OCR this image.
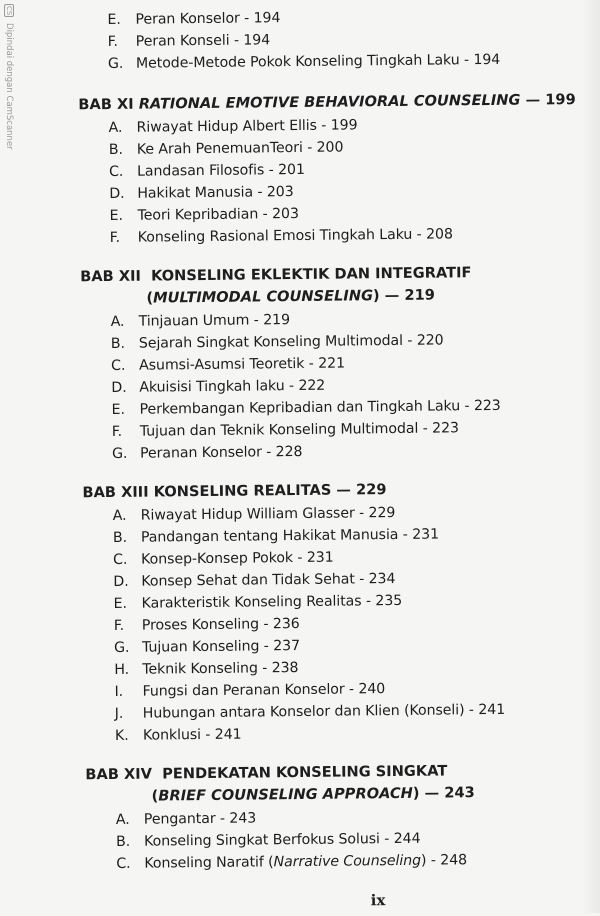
CS Dipindai dengan CamScanner
E. Peran Konselor - 194
F. Peran Konseli - 194
G. Metode-Metode Pokok Konseling Tingkah Laku - 194
BAB XI RATIONAL EMOTIVE BEHAVIORAL COUNSELING — 199
A. Riwayat Hidup Albert Ellis - 199
B. Ke Arah PenemuanTeori - 200
C. Landasan Filosofis - 201
D. Hakikat Manusia - 203
E. Teori Kepribadian - 203
F. Konseling Rasional Emosi Tingkah Laku - 208
BAB XII  KONSELING EKLEKTIK DAN INTEGRATIF
(MULTIMODAL COUNSELING) — 219
A. Tinjauan Umum - 219
B. Sejarah Singkat Konseling Multimodal - 220
C. Asumsi-Asumsi Teoretik - 221
D. Akuisisi Tingkah laku - 222
E. Perkembangan Kepribadian dan Tingkah Laku - 223
F. Tujuan dan Teknik Konseling Multimodal - 223
G. Peranan Konselor - 228
BAB XIII KONSELING REALITAS — 229
A. Riwayat Hidup William Glasser - 229
B. Pandangan tentang Hakikat Manusia - 231
C. Konsep-Konsep Pokok - 231
D. Konsep Sehat dan Tidak Sehat - 234
E. Karakteristik Konseling Realitas - 235
F. Proses Konseling - 236
G. Tujuan Konseling - 237
H. Teknik Konseling - 238
I. Fungsi dan Peranan Konselor - 240
J. Hubungan antara Konselor dan Klien (Konseli) - 241
K. Konklusi - 241
BAB XIV  PENDEKATAN KONSELING SINGKAT
(BRIEF COUNSELING APPROACH) — 243
A. Pengantar - 243
B. Konseling Singkat Berfokus Solusi - 244
C. Konseling Naratif (Narrative Counseling) - 248
ix
